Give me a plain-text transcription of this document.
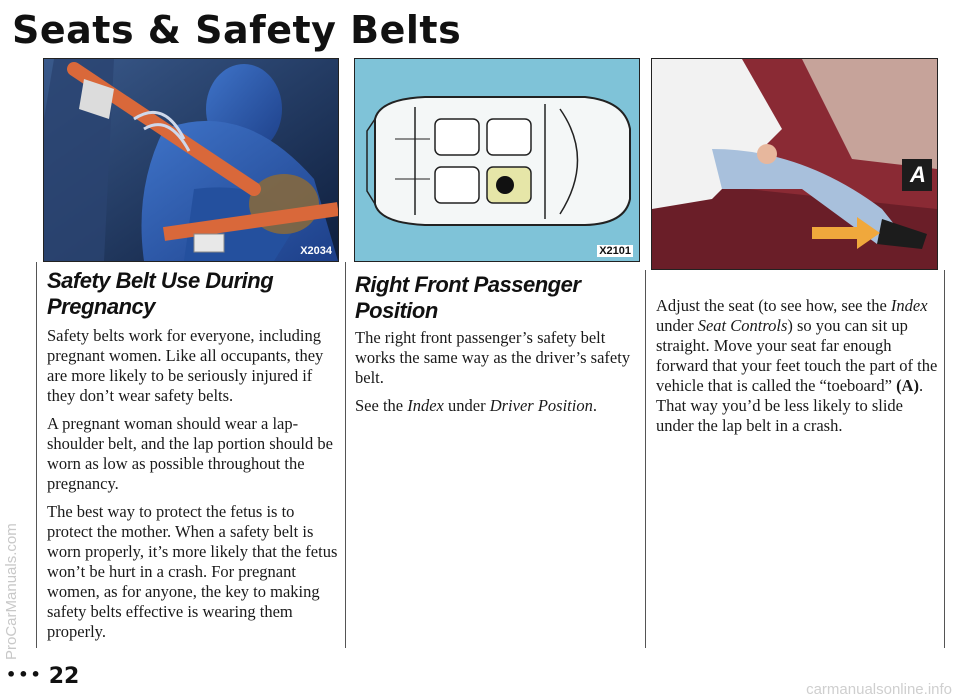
Seats & Safety Belts
X2034	X2101
A
Safety Belt Use During Pregnancy

Safety belts work for everyone, including pregnant women. Like all occupants, they are more likely to be seriously injured if they don’t wear safety belts.

A pregnant woman should wear a lap-shoulder belt, and the lap portion should be worn as low as possible throughout the pregnancy.

The best way to protect the fetus is to protect the mother. When a safety belt is worn properly, it’s more likely that the fetus won’t be hurt in a crash. For pregnant women, as for anyone, the key to making safety belts effective is wearing them properly.

Right Front Passenger Position

The right front passenger’s safety belt works the same way as the driver’s safety belt.

See the Index under Driver Position.

Adjust the seat (to see how, see the Index under Seat Controls) so you can sit up straight. Move your seat far enough forward that your feet touch the part of the vehicle that is called the “toeboard” (A). That way you’d be less likely to slide under the lap belt in a crash.

••• 22
ProCarManuals.com
carmanualsonline.info
